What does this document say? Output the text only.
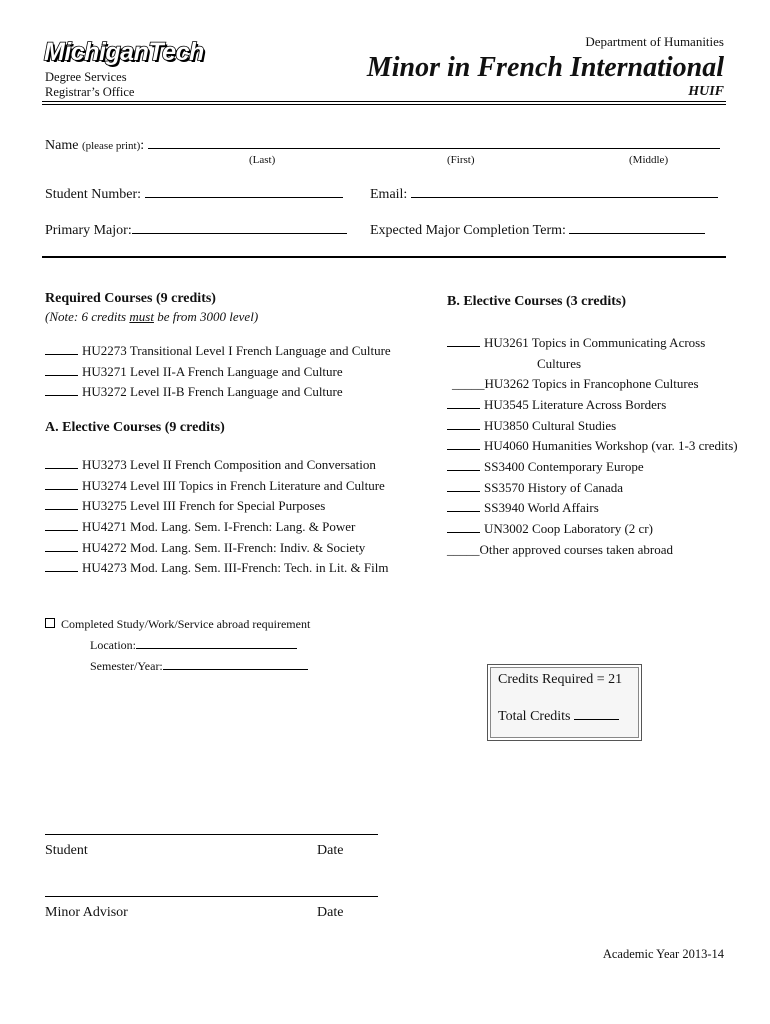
MichiganTech
Degree Services
Registrar’s Office
Department of Humanities
Minor in French International
HUIF
Name (please print):
(Last)	(First)	(Middle)
Student Number:	Email:
Primary Major:	Expected Major Completion Term:
Required Courses (9 credits)
(Note: 6 credits must be from 3000 level)
HU2273 Transitional Level I French Language and Culture
HU3271 Level II-A French Language and Culture
HU3272 Level II-B French Language and Culture
A. Elective Courses (9 credits)
HU3273 Level II French Composition and Conversation
HU3274 Level III Topics in French Literature and Culture
HU3275 Level III French for Special Purposes
HU4271 Mod. Lang. Sem. I-French: Lang. & Power
HU4272 Mod. Lang. Sem. II-French: Indiv. & Society
HU4273 Mod. Lang. Sem. III-French: Tech. in Lit. & Film
B. Elective Courses (3 credits)
HU3261 Topics in Communicating Across
Cultures
_____HU3262 Topics in Francophone Cultures
HU3545 Literature Across Borders
HU3850 Cultural Studies
HU4060 Humanities Workshop (var. 1-3 credits)
SS3400 Contemporary Europe
SS3570 History of Canada
SS3940 World Affairs
UN3002 Coop Laboratory (2 cr)
_____Other approved courses taken abroad
Completed Study/Work/Service abroad requirement
Location:
Semester/Year:
Credits Required = 21
Total Credits
Student	Date
Minor Advisor	Date
Academic Year 2013-14
